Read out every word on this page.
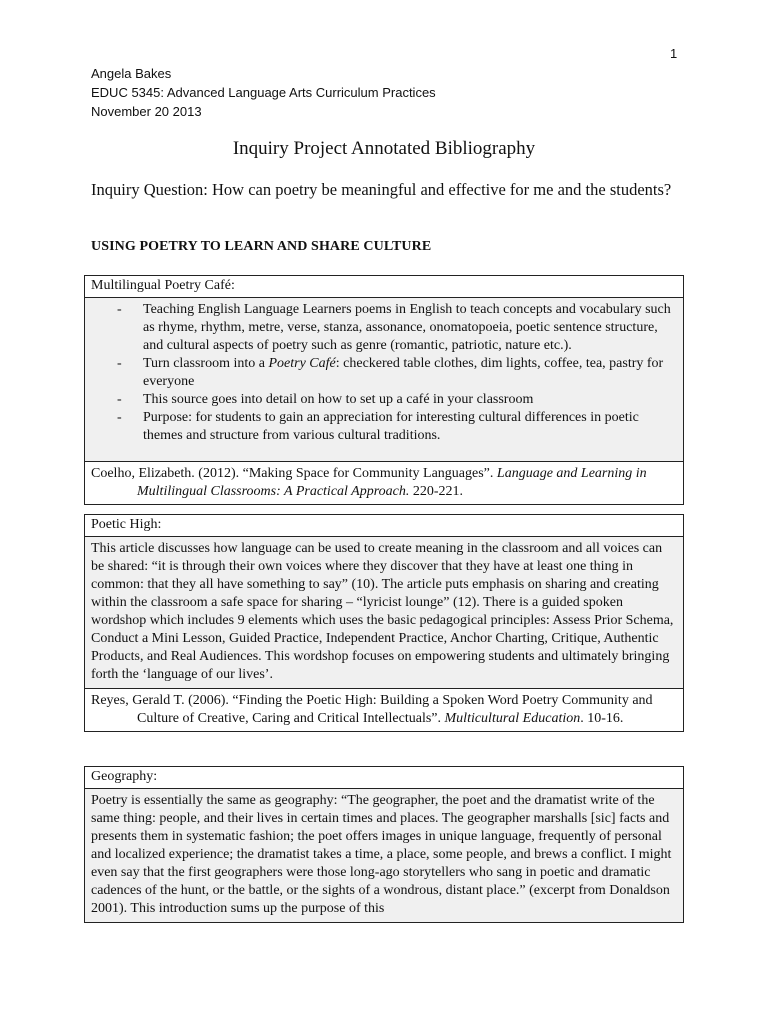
1
Angela Bakes
EDUC 5345: Advanced Language Arts Curriculum Practices
November 20 2013
Inquiry Project Annotated Bibliography
Inquiry Question: How can poetry be meaningful and effective for me and the students?
USING POETRY TO LEARN AND SHARE CULTURE
Multilingual Poetry Café:
- Teaching English Language Learners poems in English to teach concepts and vocabulary such as rhyme, rhythm, metre, verse, stanza, assonance, onomatopoeia, poetic sentence structure, and cultural aspects of poetry such as genre (romantic, patriotic, nature etc.).
- Turn classroom into a Poetry Café: checkered table clothes, dim lights, coffee, tea, pastry for everyone
- This source goes into detail on how to set up a café in your classroom
- Purpose: for students to gain an appreciation for interesting cultural differences in poetic themes and structure from various cultural traditions.
Coelho, Elizabeth. (2012). “Making Space for Community Languages”. Language and Learning in Multilingual Classrooms: A Practical Approach. 220-221.
Poetic High:
This article discusses how language can be used to create meaning in the classroom and all voices can be shared: “it is through their own voices where they discover that they have at least one thing in common: that they all have something to say” (10). The article puts emphasis on sharing and creating within the classroom a safe space for sharing – “lyricist lounge” (12). There is a guided spoken wordshop which includes 9 elements which uses the basic pedagogical principles: Assess Prior Schema, Conduct a Mini Lesson, Guided Practice, Independent Practice, Anchor Charting, Critique, Authentic Products, and Real Audiences. This wordshop focuses on empowering students and ultimately bringing forth the ‘language of our lives’.
Reyes, Gerald T. (2006). “Finding the Poetic High: Building a Spoken Word Poetry Community and Culture of Creative, Caring and Critical Intellectuals”. Multicultural Education. 10-16.
Geography:
Poetry is essentially the same as geography: “The geographer, the poet and the dramatist write of the same thing: people, and their lives in certain times and places. The geographer marshalls [sic] facts and presents them in systematic fashion; the poet offers images in unique language, frequently of personal and localized experience; the dramatist takes a time, a place, some people, and brews a conflict. I might even say that the first geographers were those long-ago storytellers who sang in poetic and dramatic cadences of the hunt, or the battle, or the sights of a wondrous, distant place.” (excerpt from Donaldson 2001). This introduction sums up the purpose of this
